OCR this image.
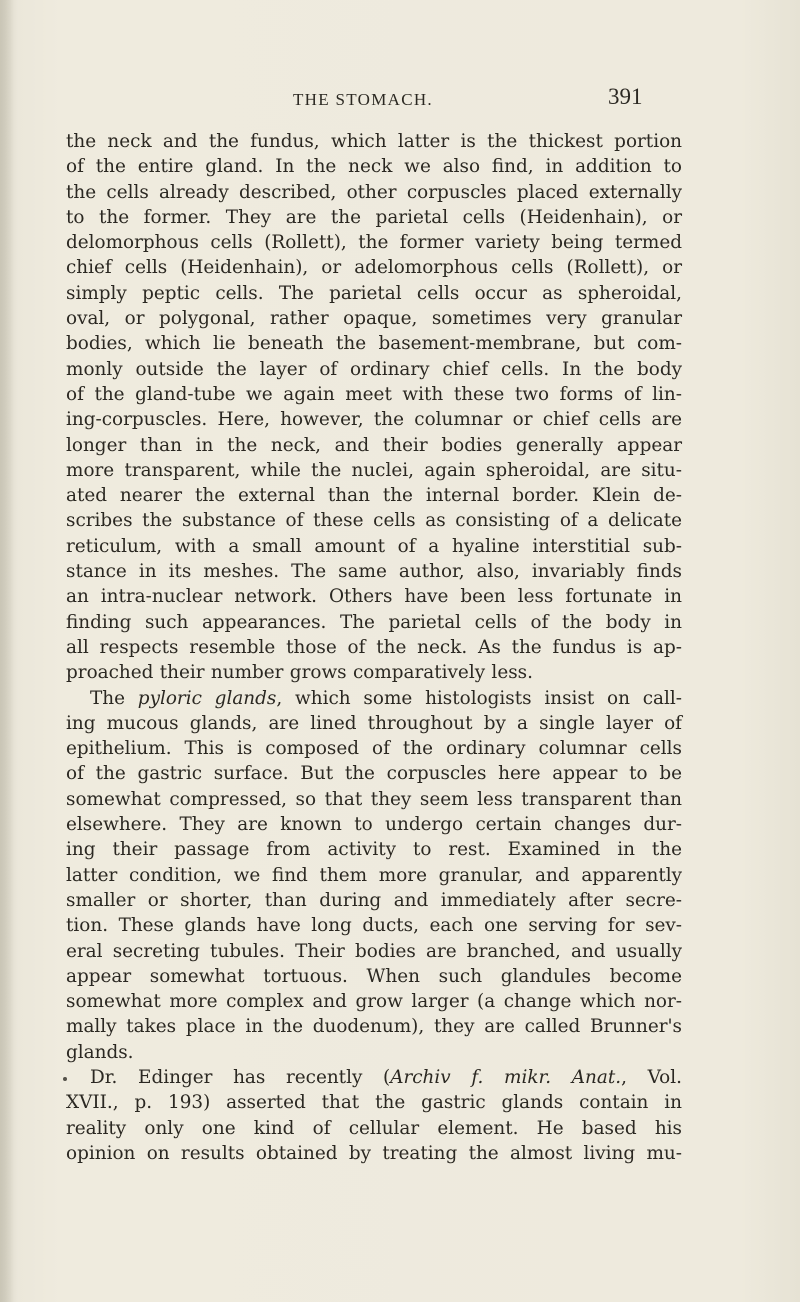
THE STOMACH.	391
the neck and the fundus, which latter is the thickest portion
of the entire gland. In the neck we also find, in addition to
the cells already described, other corpuscles placed externally
to the former. They are the parietal cells (Heidenhain), or
delomorphous cells (Rollett), the former variety being termed
chief cells (Heidenhain), or adelomorphous cells (Rollett), or
simply peptic cells. The parietal cells occur as spheroidal,
oval, or polygonal, rather opaque, sometimes very granular
bodies, which lie beneath the basement-membrane, but com-
monly outside the layer of ordinary chief cells. In the body
of the gland-tube we again meet with these two forms of lin-
ing-corpuscles. Here, however, the columnar or chief cells are
longer than in the neck, and their bodies generally appear
more transparent, while the nuclei, again spheroidal, are situ-
ated nearer the external than the internal border. Klein de-
scribes the substance of these cells as consisting of a delicate
reticulum, with a small amount of a hyaline interstitial sub-
stance in its meshes. The same author, also, invariably finds
an intra-nuclear network. Others have been less fortunate in
finding such appearances. The parietal cells of the body in
all respects resemble those of the neck. As the fundus is ap-
proached their number grows comparatively less.
The pyloric glands, which some histologists insist on call-
ing mucous glands, are lined throughout by a single layer of
epithelium. This is composed of the ordinary columnar cells
of the gastric surface. But the corpuscles here appear to be
somewhat compressed, so that they seem less transparent than
elsewhere. They are known to undergo certain changes dur-
ing their passage from activity to rest. Examined in the
latter condition, we find them more granular, and apparently
smaller or shorter, than during and immediately after secre-
tion. These glands have long ducts, each one serving for sev-
eral secreting tubules. Their bodies are branched, and usually
appear somewhat tortuous. When such glandules become
somewhat more complex and grow larger (a change which nor-
mally takes place in the duodenum), they are called Brunner's
glands.
Dr. Edinger has recently (Archiv f. mikr. Anat., Vol.
XVII., p. 193) asserted that the gastric glands contain in
reality only one kind of cellular element. He based his
opinion on results obtained by treating the almost living mu-
